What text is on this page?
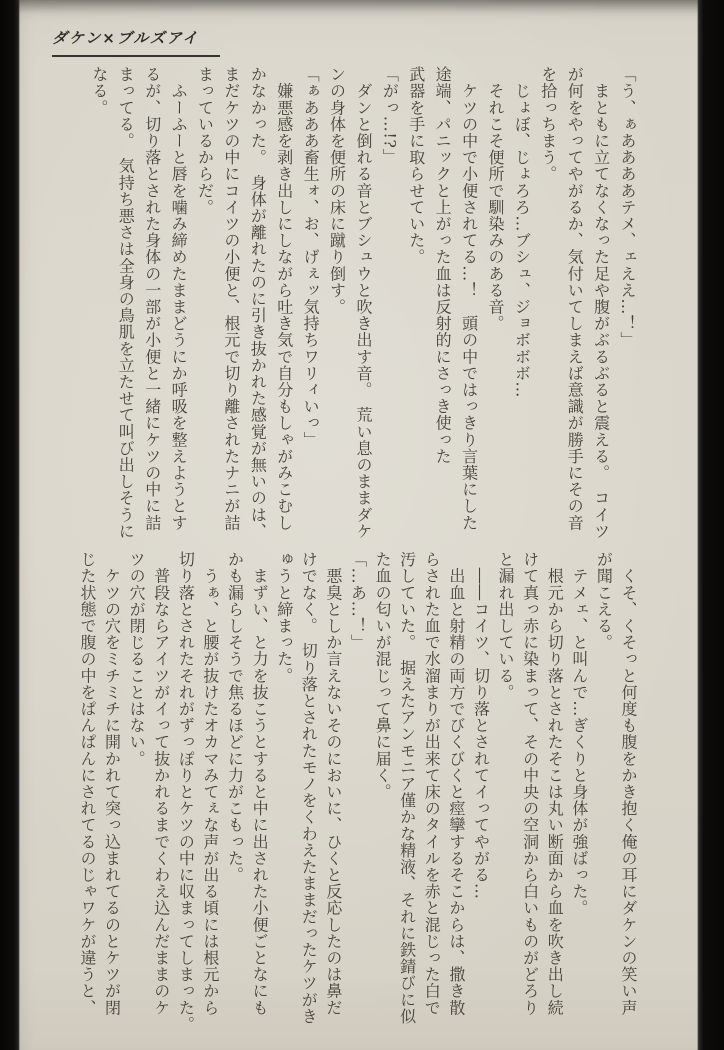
ダケン×ブルズアイ
「う、ぁああああテメ、ェええ…！」
　まともに立てなくなった足や腹がぶるぶると震える。　コイツ
が何をやってやがるか、気付いてしまえば意識が勝手にその音
を拾っちまう。
　じょぼ、じょろろ…ブシュ、ジョボボボ…
　それこそ便所で馴染みのある音。
　ケツの中で小便されてる…！　頭の中ではっきり言葉にした
途端、パニックと上がった血は反射的にさっき使った
武器を手に取らせていた。
「がっ…!?」
　ダンと倒れる音とブシュウと吹き出す音。　荒い息のままダケ
ンの身体を便所の床に蹴り倒す。
「ぁあああ畜生ォ、お、げぇッ気持ちワリィいっ」
　嫌悪感を剥き出しにしながら吐き気で自分もしゃがみこむし
かなかった。　身体が離れたのに引き抜かれた感覚が無いのは、
まだケツの中にコイツの小便と、根元で切り離されたナニが詰
まっているからだ。
　ふーふーと唇を噛み締めたままどうにか呼吸を整えようとす
るが、切り落とされた身体の一部が小便と一緒にケツの中に詰
まってる。　気持ち悪さは全身の鳥肌を立たせて叫び出しそうに
なる。
　くそ、くそっと何度も腹をかき抱く俺の耳にダケンの笑い声
が聞こえる。
　テメェ、と叫んで…ぎくりと身体が強ばった。
　根元から切り落とされたそこは丸い断面から血を吹き出し続
けて真っ赤に染まって、その中央の空洞から白いものがどろり
と漏れ出している。
　――コイツ、切り落とされてイってやがる…
　出血と射精の両方でびくびくと痙攣するそこからは、撒き散
らされた血で水溜まりが出来て床のタイルを赤と混じった白で
汚していた。　据えたアンモニア僅かな精液、それに鉄錆びに似
た血の匂いが混じって鼻に届く。
「…あ…！」
　悪臭としか言えないそのにおいに、ひくと反応したのは鼻だ
けでなく。　切り落とされたモノをくわえたままだったケツがき
ゅうと締まった。
　まずい、と力を抜こうとすると中に出された小便ごとなにも
かも漏らしそうで焦るほどに力がこもった。
　うぁ、と腰が抜けたオカマみてぇな声が出る頃には根元から
切り落とされたそれがずっぽりとケツの中に収まってしまった。
　普段ならアイツがイって抜かれるまでくわえ込んだままのケ
ツの穴が閉じることはない。
　ケツの穴をミチミチに開かれて突っ込まれてるのとケツが閉
じた状態で腹の中をぱんぱんにされてるのじゃワケが違うと、
